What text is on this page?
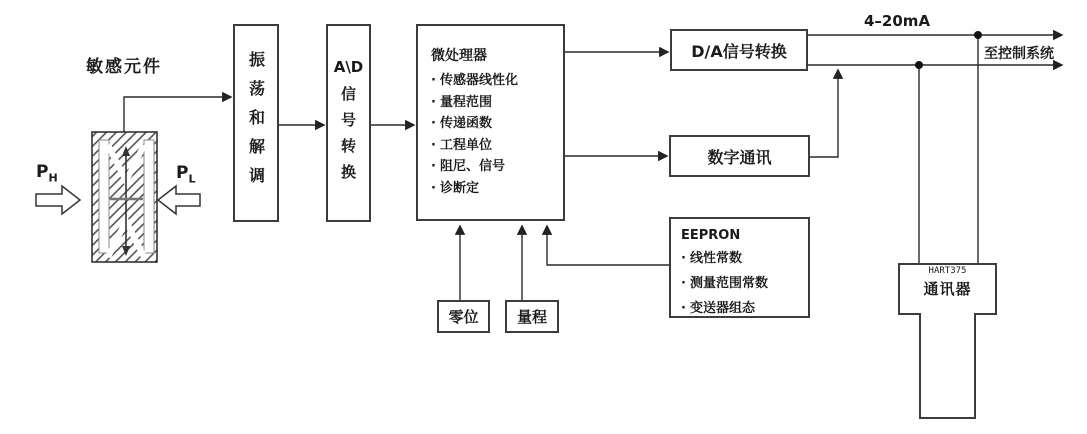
振荡和解调	A\D
信号转换
微处理器
· 传感器线性化
· 量程范围
· 传递函数
· 工程单位
· 阻尼、信号
· 诊断定
D/A信号转换
数字通讯
EEPRON
· 线性常数
· 测量范围常数
· 变送器组态
零位	量程
HART375
通讯器
敏感元件
4–20mA
至控制系统
$P_H$	$P_L$
